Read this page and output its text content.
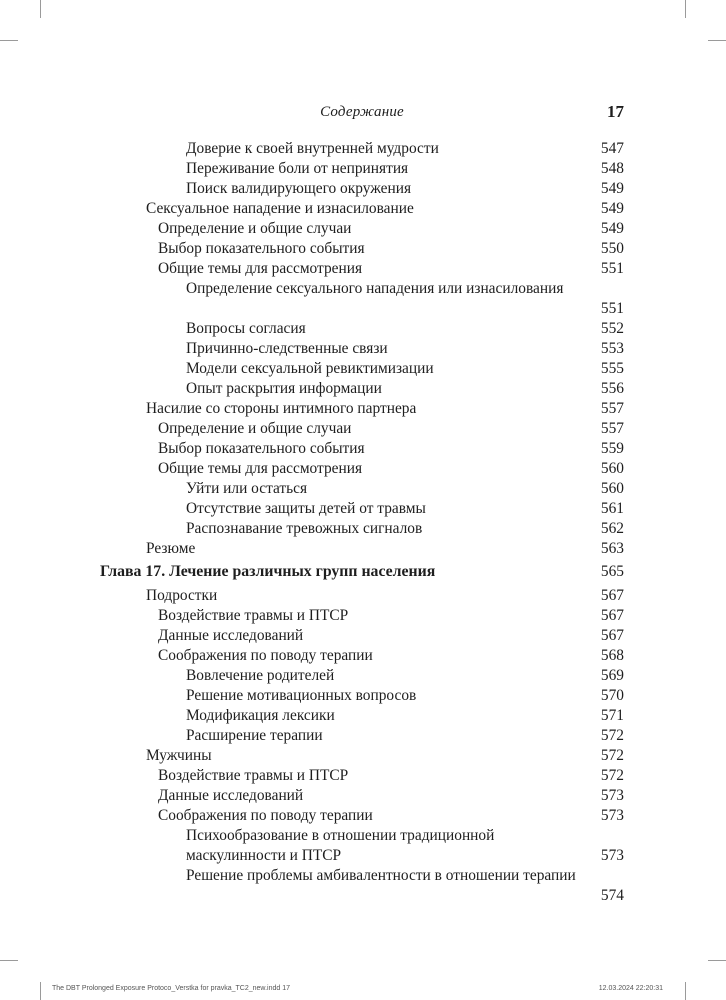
Содержание	17
Доверие к своей внутренней мудрости	547
Переживание боли от непринятия	548
Поиск валидирующего окружения	549
Сексуальное нападение и изнасилование	549
Определение и общие случаи	549
Выбор показательного события	550
Общие темы для рассмотрения	551
Определение сексуального нападения или изнасилования
551
Вопросы согласия	552
Причинно-следственные связи	553
Модели сексуальной ревиктимизации	555
Опыт раскрытия информации	556
Насилие со стороны интимного партнера	557
Определение и общие случаи	557
Выбор показательного события	559
Общие темы для рассмотрения	560
Уйти или остаться	560
Отсутствие защиты детей от травмы	561
Распознавание тревожных сигналов	562
Резюме	563
Глава 17. Лечение различных групп населения	565
Подростки	567
Воздействие травмы и ПТСР	567
Данные исследований	567
Соображения по поводу терапии	568
Вовлечение родителей	569
Решение мотивационных вопросов	570
Модификация лексики	571
Расширение терапии	572
Мужчины	572
Воздействие травмы и ПТСР	572
Данные исследований	573
Соображения по поводу терапии	573
Психообразование в отношении традиционной маскулинности и ПТСР	573
Решение проблемы амбивалентности в отношении терапии
574
The DBT Prolonged Exposure Protoco_Verstka for pravka_TC2_new.indd 17	12.03.2024 22:20:31
